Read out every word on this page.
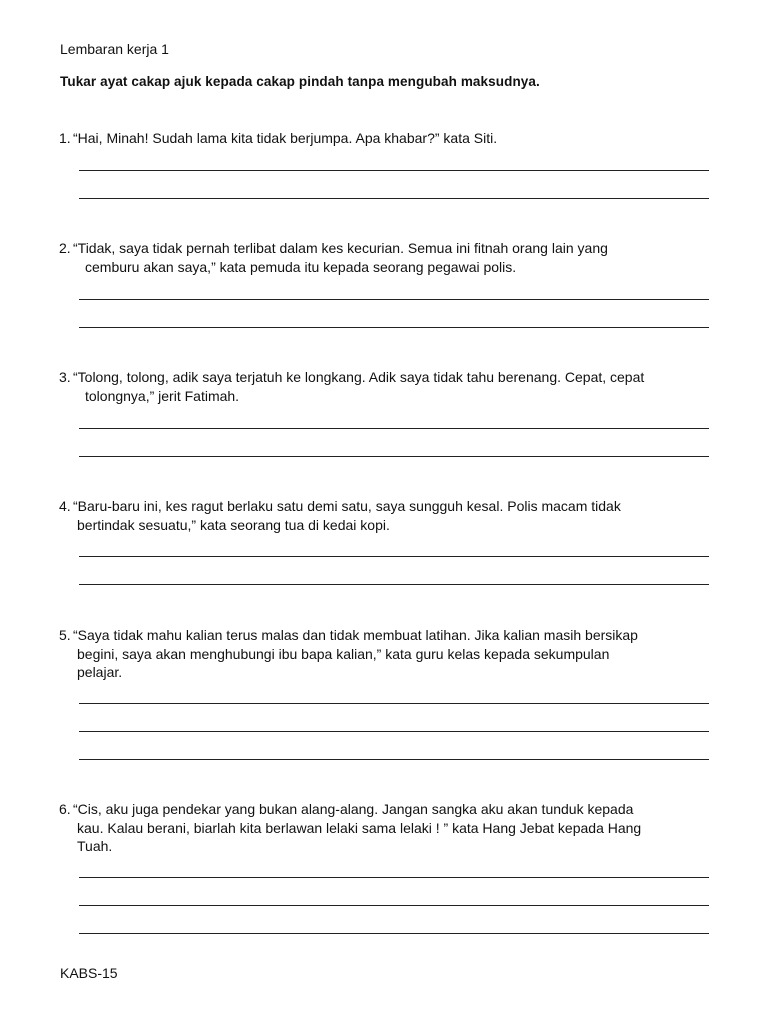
Lembaran kerja 1
Tukar ayat cakap ajuk kepada cakap pindah tanpa mengubah maksudnya.
1. “Hai, Minah! Sudah lama kita tidak berjumpa. Apa khabar?” kata Siti.
2. “Tidak, saya tidak pernah terlibat dalam kes kecurian. Semua ini fitnah orang lain yang
cemburu akan saya,” kata pemuda itu kepada seorang pegawai polis.
3. “Tolong, tolong, adik saya terjatuh ke longkang. Adik saya tidak tahu berenang. Cepat, cepat
tolongnya,” jerit Fatimah.
4. “Baru-baru ini, kes ragut berlaku satu demi satu, saya sungguh kesal. Polis macam tidak
bertindak sesuatu,” kata seorang tua di kedai kopi.
5. “Saya tidak mahu kalian terus malas dan tidak membuat latihan. Jika kalian masih bersikap
begini, saya akan menghubungi ibu bapa kalian,” kata guru kelas kepada sekumpulan
pelajar.
6. “Cis, aku juga pendekar yang bukan alang-alang. Jangan sangka aku akan tunduk kepada
kau. Kalau berani, biarlah kita berlawan lelaki sama lelaki ! ” kata Hang Jebat kepada Hang
Tuah.
KABS-15
